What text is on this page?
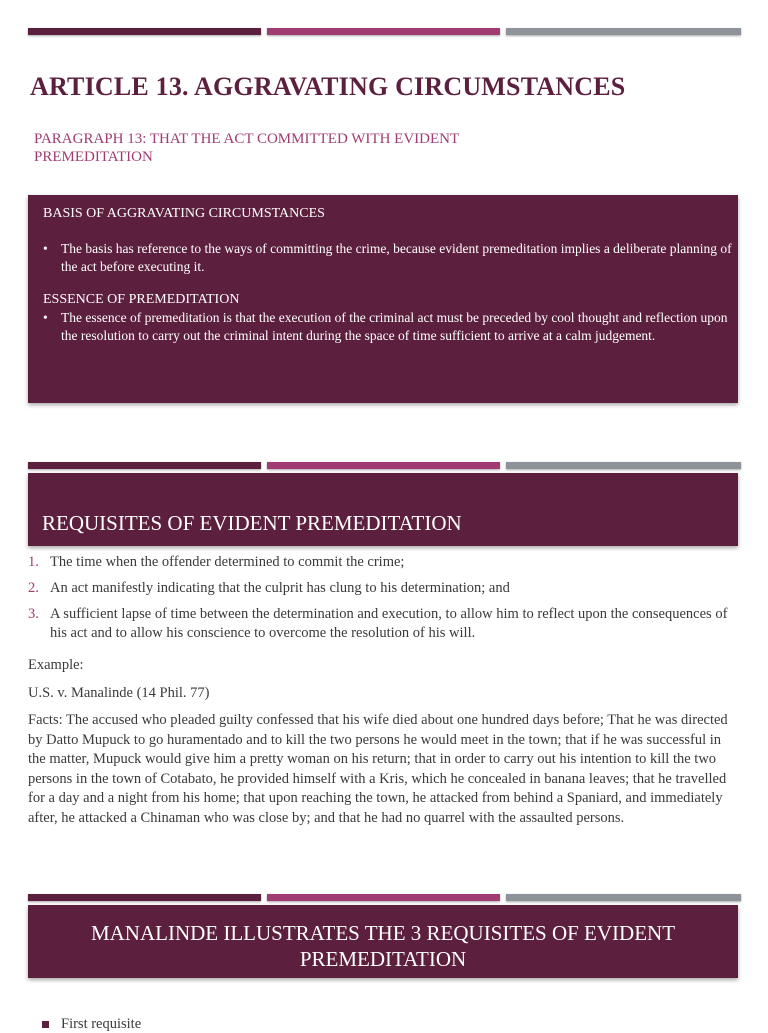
ARTICLE 13. AGGRAVATING CIRCUMSTANCES
PARAGRAPH 13: THAT THE ACT COMMITTED WITH EVIDENT PREMEDITATION
BASIS OF AGGRAVATING CIRCUMSTANCES
• The basis has reference to the ways of committing the crime, because evident premeditation implies a deliberate planning of the act before executing it.
ESSENCE OF PREMEDITATION
• The essence of premeditation is that the execution of the criminal act must be preceded by cool thought and reflection upon the resolution to carry out the criminal intent during the space of time sufficient to arrive at a calm judgement.
REQUISITES OF EVIDENT PREMEDITATION
1. The time when the offender determined to commit the crime;
2. An act manifestly indicating that the culprit has clung to his determination; and
3. A sufficient lapse of time between the determination and execution, to allow him to reflect upon the consequences of his act and to allow his conscience to overcome the resolution of his will.
Example:
U.S. v. Manalinde (14 Phil. 77)
Facts: The accused who pleaded guilty confessed that his wife died about one hundred days before; That he was directed by Datto Mupuck to go huramentado and to kill the two persons he would meet in the town; that if he was successful in the matter, Mupuck would give him a pretty woman on his return; that in order to carry out his intention to kill the two persons in the town of Cotabato, he provided himself with a Kris, which he concealed in banana leaves; that he travelled for a day and a night from his home; that upon reaching the town, he attacked from behind a Spaniard, and immediately after, he attacked a Chinaman who was close by; and that he had no quarrel with the assaulted persons.
MANALINDE ILLUSTRATES THE 3 REQUISITES OF EVIDENT PREMEDITATION
First requisite
